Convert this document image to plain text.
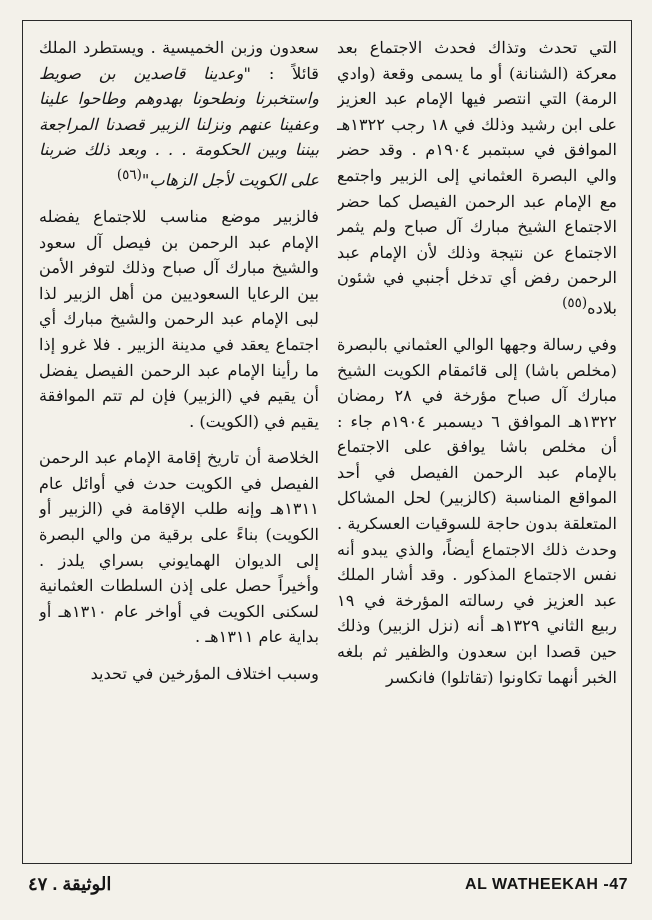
التي تحدث وتذاك فحدث الاجتماع بعد معركة (الشنانة) أو ما يسمى وقعة (وادي الرمة) التي انتصر فيها الإمام عبد العزيز على ابن رشيد وذلك في ١٨ رجب ١٣٢٢هـ الموافق في سبتمبر ١٩٠٤م . وقد حضر والي البصرة العثماني إلى الزبير واجتمع مع الإمام عبد الرحمن الفيصل كما حضر الاجتماع الشيخ مبارك آل صباح ولم يثمر الاجتماع عن نتيجة وذلك لأن الإمام عبد الرحمن رفض أي تدخل أجنبي في شئون بلاده$^{(٥٥)}$

وفي رسالة وجهها الوالي العثماني بالبصرة (مخلص باشا) إلى قائمقام الكويت الشيخ مبارك آل صباح مؤرخة في ٢٨ رمضان ١٣٢٢هـ الموافق ٦ ديسمبر ١٩٠٤م جاء : أن مخلص باشا يوافق على الاجتماع بالإمام عبد الرحمن الفيصل في أحد المواقع المناسبة (كالزبير) لحل المشاكل المتعلقة بدون حاجة للسوقيات العسكرية . وحدث ذلك الاجتماع أيضاً، والذي يبدو أنه نفس الاجتماع المذكور . وقد أشار الملك عبد العزيز في رسالته المؤرخة في ١٩ ربيع الثاني ١٣٢٩هـ أنه (نزل الزبير) وذلك حين قصدا ابن سعدون والظفير ثم بلغه الخبر أنهما تكاونوا (تقاتلوا) فانكسر

سعدون وزبن الخميسية . ويستطرد الملك قائلاً : "وعدينا قاصدين بن صويط واستخبرنا ونطحونا بهدوهم وطاحوا علينا وعفينا عنهم ونزلنا الزبير قصدنا المراجعة بيننا وبين الحكومة . . . وبعد ذلك ضربنا على الكويت لأجل الزهاب"$^{(٥٦)}$

فالزبير موضع مناسب للاجتماع يفضله الإمام عبد الرحمن بن فيصل آل سعود والشيخ مبارك آل صباح وذلك لتوفر الأمن بين الرعايا السعوديين من أهل الزبير لذا لبى الإمام عبد الرحمن والشيخ مبارك أي اجتماع يعقد في مدينة الزبير . فلا غرو إذا ما رأينا الإمام عبد الرحمن الفيصل يفضل أن يقيم في (الزبير) فإن لم تتم الموافقة يقيم في (الكويت) .

الخلاصة أن تاريخ إقامة الإمام عبد الرحمن الفيصل في الكويت حدث في أوائل عام ١٣١١هـ وإنه طلب الإقامة في (الزبير أو الكويت) بناءً على برقية من والي البصرة إلى الديوان الهمايوني بسراي يلدز . وأخيراً حصل على إذن السلطات العثمانية لسكنى الكويت في أواخر عام ١٣١٠هـ أو بداية عام ١٣١١هـ .

وسبب اختلاف المؤرخين في تحديد

الوثيقة . ٤٧	AL WATHEEKAH -47
